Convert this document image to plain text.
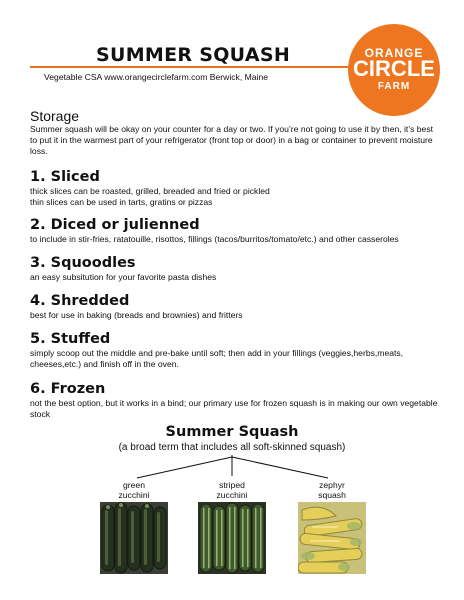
SUMMER SQUASH
Vegetable CSA www.orangecirclefarm.com Berwick, Maine
ORANGE
CIRCLE
FARM
Storage

Summer squash will be okay on your counter for a day or two. If you’re not going to use it by then, it’s best to put it in the warmest part of your refrigerator (front top or door) in a bag or container to prevent moisture loss.

1. Sliced

thick slices can be roasted, grilled, breaded and fried or pickled

thin slices can be used in tarts, gratins or pizzas

2. Diced or julienned

to include in stir-fries, ratatouille, risottos, fillings (tacos/burritos/tomato/etc.) and other casseroles

3. Squoodles

an easy subsitution for your favorite pasta dishes

4. Shredded

best for use in baking (breads and brownies) and fritters

5. Stuffed

simply scoop out the middle and pre-bake until soft; then add in your fillings (veggies,herbs,meats, cheeses,etc.) and finish off in the oven.

6. Frozen

not the best option, but it works in a bind; our primary use for frozen squash is in making our own vegetable stock

Summer Squash

(a broad term that includes all soft-skinned squash)

green
zucchini
striped
zucchini
zephyr
squash
